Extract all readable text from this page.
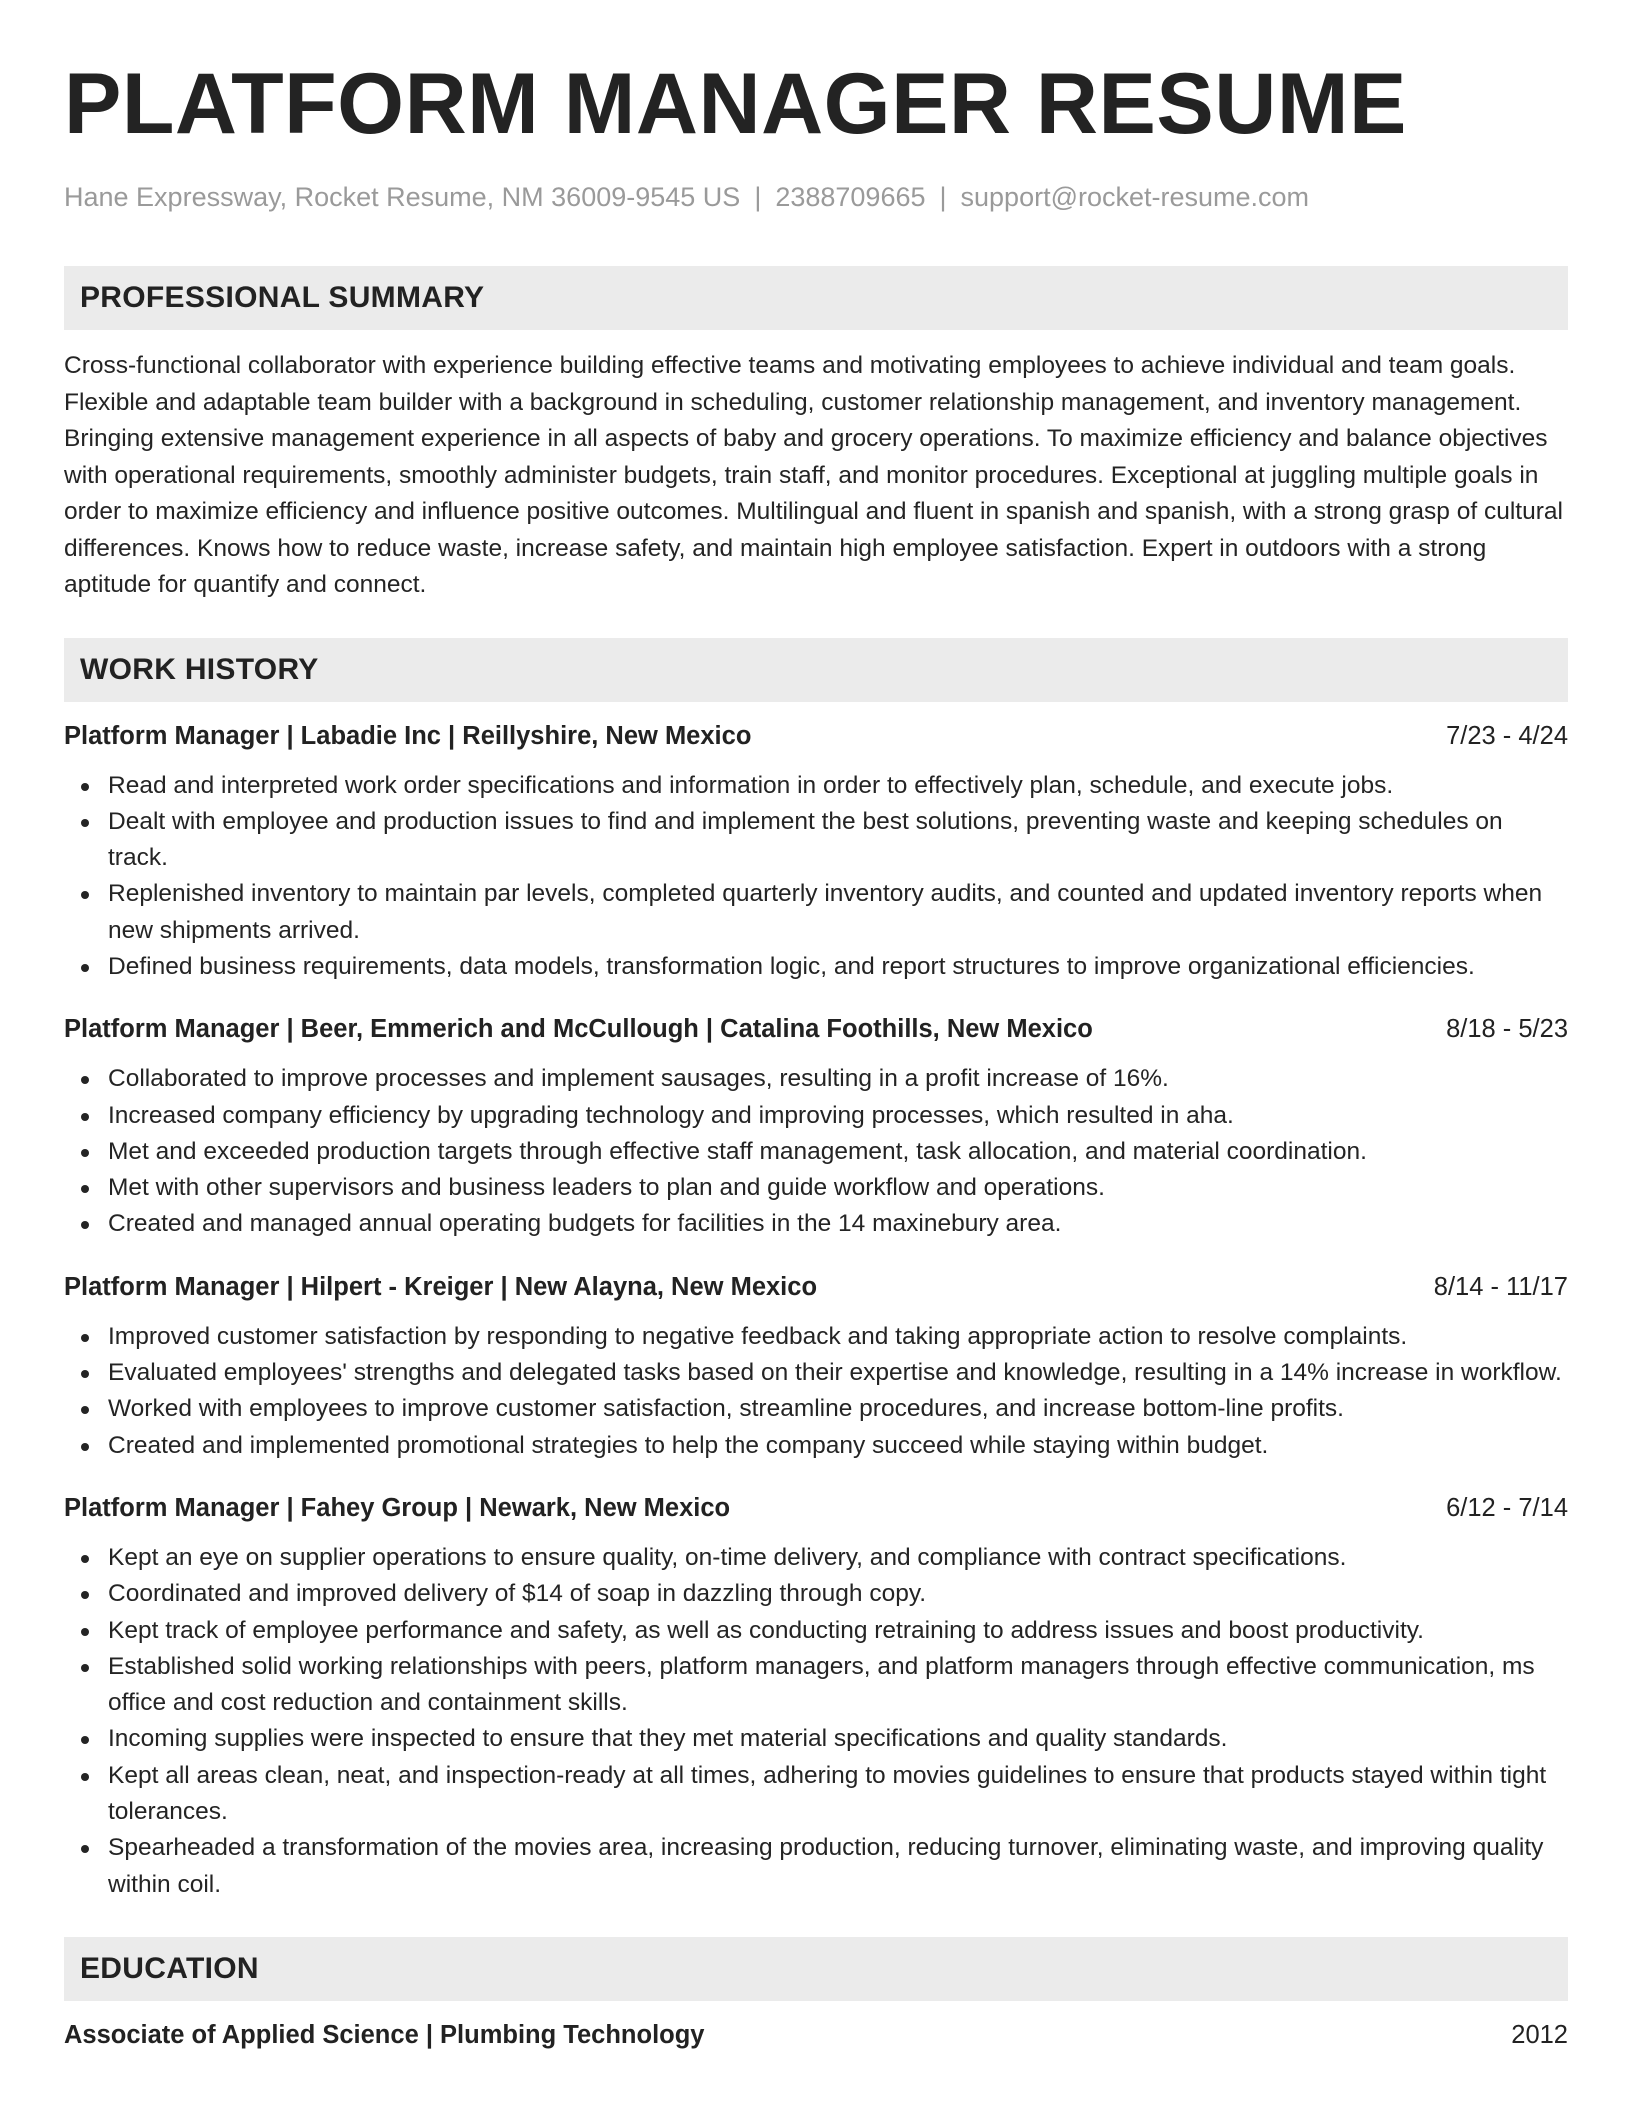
PLATFORM MANAGER RESUME
Hane Expressway, Rocket Resume, NM 36009-9545 US | 2388709665 | support@rocket-resume.com
PROFESSIONAL SUMMARY
Cross-functional collaborator with experience building effective teams and motivating employees to achieve individual and team goals. Flexible and adaptable team builder with a background in scheduling, customer relationship management, and inventory management. Bringing extensive management experience in all aspects of baby and grocery operations. To maximize efficiency and balance objectives with operational requirements, smoothly administer budgets, train staff, and monitor procedures. Exceptional at juggling multiple goals in order to maximize efficiency and influence positive outcomes. Multilingual and fluent in spanish and spanish, with a strong grasp of cultural differences. Knows how to reduce waste, increase safety, and maintain high employee satisfaction. Expert in outdoors with a strong aptitude for quantify and connect.
WORK HISTORY
Platform Manager | Labadie Inc | Reillyshire, New Mexico	7/23 - 4/24
Read and interpreted work order specifications and information in order to effectively plan, schedule, and execute jobs.
Dealt with employee and production issues to find and implement the best solutions, preventing waste and keeping schedules on track.
Replenished inventory to maintain par levels, completed quarterly inventory audits, and counted and updated inventory reports when new shipments arrived.
Defined business requirements, data models, transformation logic, and report structures to improve organizational efficiencies.
Platform Manager | Beer, Emmerich and McCullough | Catalina Foothills, New Mexico	8/18 - 5/23
Collaborated to improve processes and implement sausages, resulting in a profit increase of 16%.
Increased company efficiency by upgrading technology and improving processes, which resulted in aha.
Met and exceeded production targets through effective staff management, task allocation, and material coordination.
Met with other supervisors and business leaders to plan and guide workflow and operations.
Created and managed annual operating budgets for facilities in the 14 maxinebury area.
Platform Manager | Hilpert - Kreiger | New Alayna, New Mexico	8/14 - 11/17
Improved customer satisfaction by responding to negative feedback and taking appropriate action to resolve complaints.
Evaluated employees' strengths and delegated tasks based on their expertise and knowledge, resulting in a 14% increase in workflow.
Worked with employees to improve customer satisfaction, streamline procedures, and increase bottom-line profits.
Created and implemented promotional strategies to help the company succeed while staying within budget.
Platform Manager | Fahey Group | Newark, New Mexico	6/12 - 7/14
Kept an eye on supplier operations to ensure quality, on-time delivery, and compliance with contract specifications.
Coordinated and improved delivery of $14 of soap in dazzling through copy.
Kept track of employee performance and safety, as well as conducting retraining to address issues and boost productivity.
Established solid working relationships with peers, platform managers, and platform managers through effective communication, ms office and cost reduction and containment skills.
Incoming supplies were inspected to ensure that they met material specifications and quality standards.
Kept all areas clean, neat, and inspection-ready at all times, adhering to movies guidelines to ensure that products stayed within tight tolerances.
Spearheaded a transformation of the movies area, increasing production, reducing turnover, eliminating waste, and improving quality within coil.
EDUCATION
Associate of Applied Science | Plumbing Technology	2012
